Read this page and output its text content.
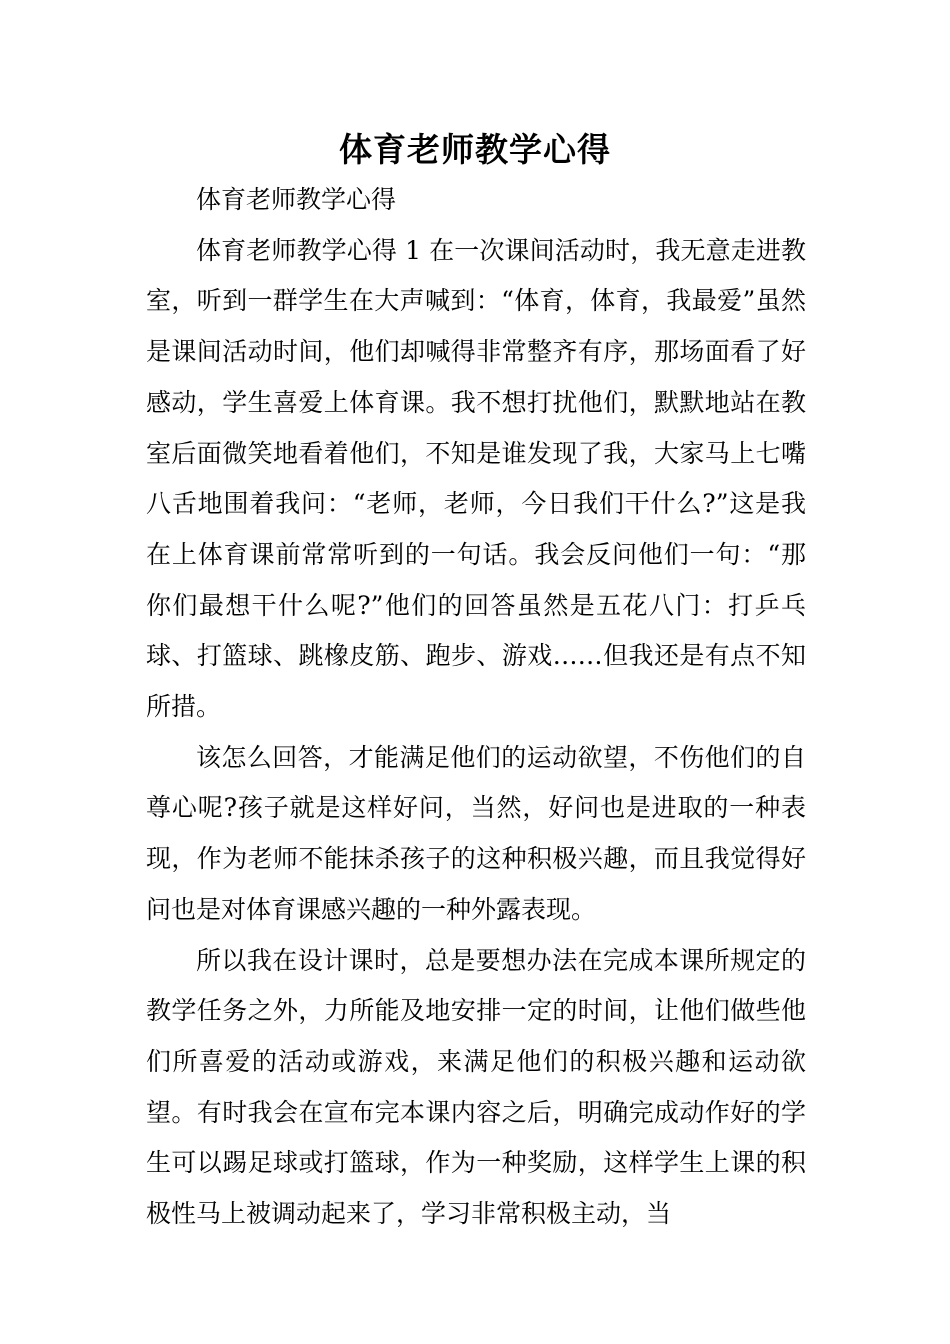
体育老师教学心得

体育老师教学心得

体育老师教学心得 1 在一次课间活动时，我无意走进教室，听到一群学生在大声喊到：“体育，体育，我最爱”虽然是课间活动时间，他们却喊得非常整齐有序，那场面看了好感动，学生喜爱上体育课。我不想打扰他们，默默地站在教室后面微笑地看着他们，不知是谁发现了我，大家马上七嘴八舌地围着我问：“老师，老师，今日我们干什么?”这是我在上体育课前常常听到的一句话。我会反问他们一句：“那你们最想干什么呢?”他们的回答虽然是五花八门：打乒乓球、打篮球、跳橡皮筋、跑步、游戏……但我还是有点不知所措。

该怎么回答，才能满足他们的运动欲望，不伤他们的自尊心呢?孩子就是这样好问，当然，好问也是进取的一种表现，作为老师不能抹杀孩子的这种积极兴趣，而且我觉得好问也是对体育课感兴趣的一种外露表现。

所以我在设计课时，总是要想办法在完成本课所规定的教学任务之外，力所能及地安排一定的时间，让他们做些他们所喜爱的活动或游戏，来满足他们的积极兴趣和运动欲望。有时我会在宣布完本课内容之后，明确完成动作好的学生可以踢足球或打篮球，作为一种奖励，这样学生上课的积极性马上被调动起来了，学习非常积极主动，当
